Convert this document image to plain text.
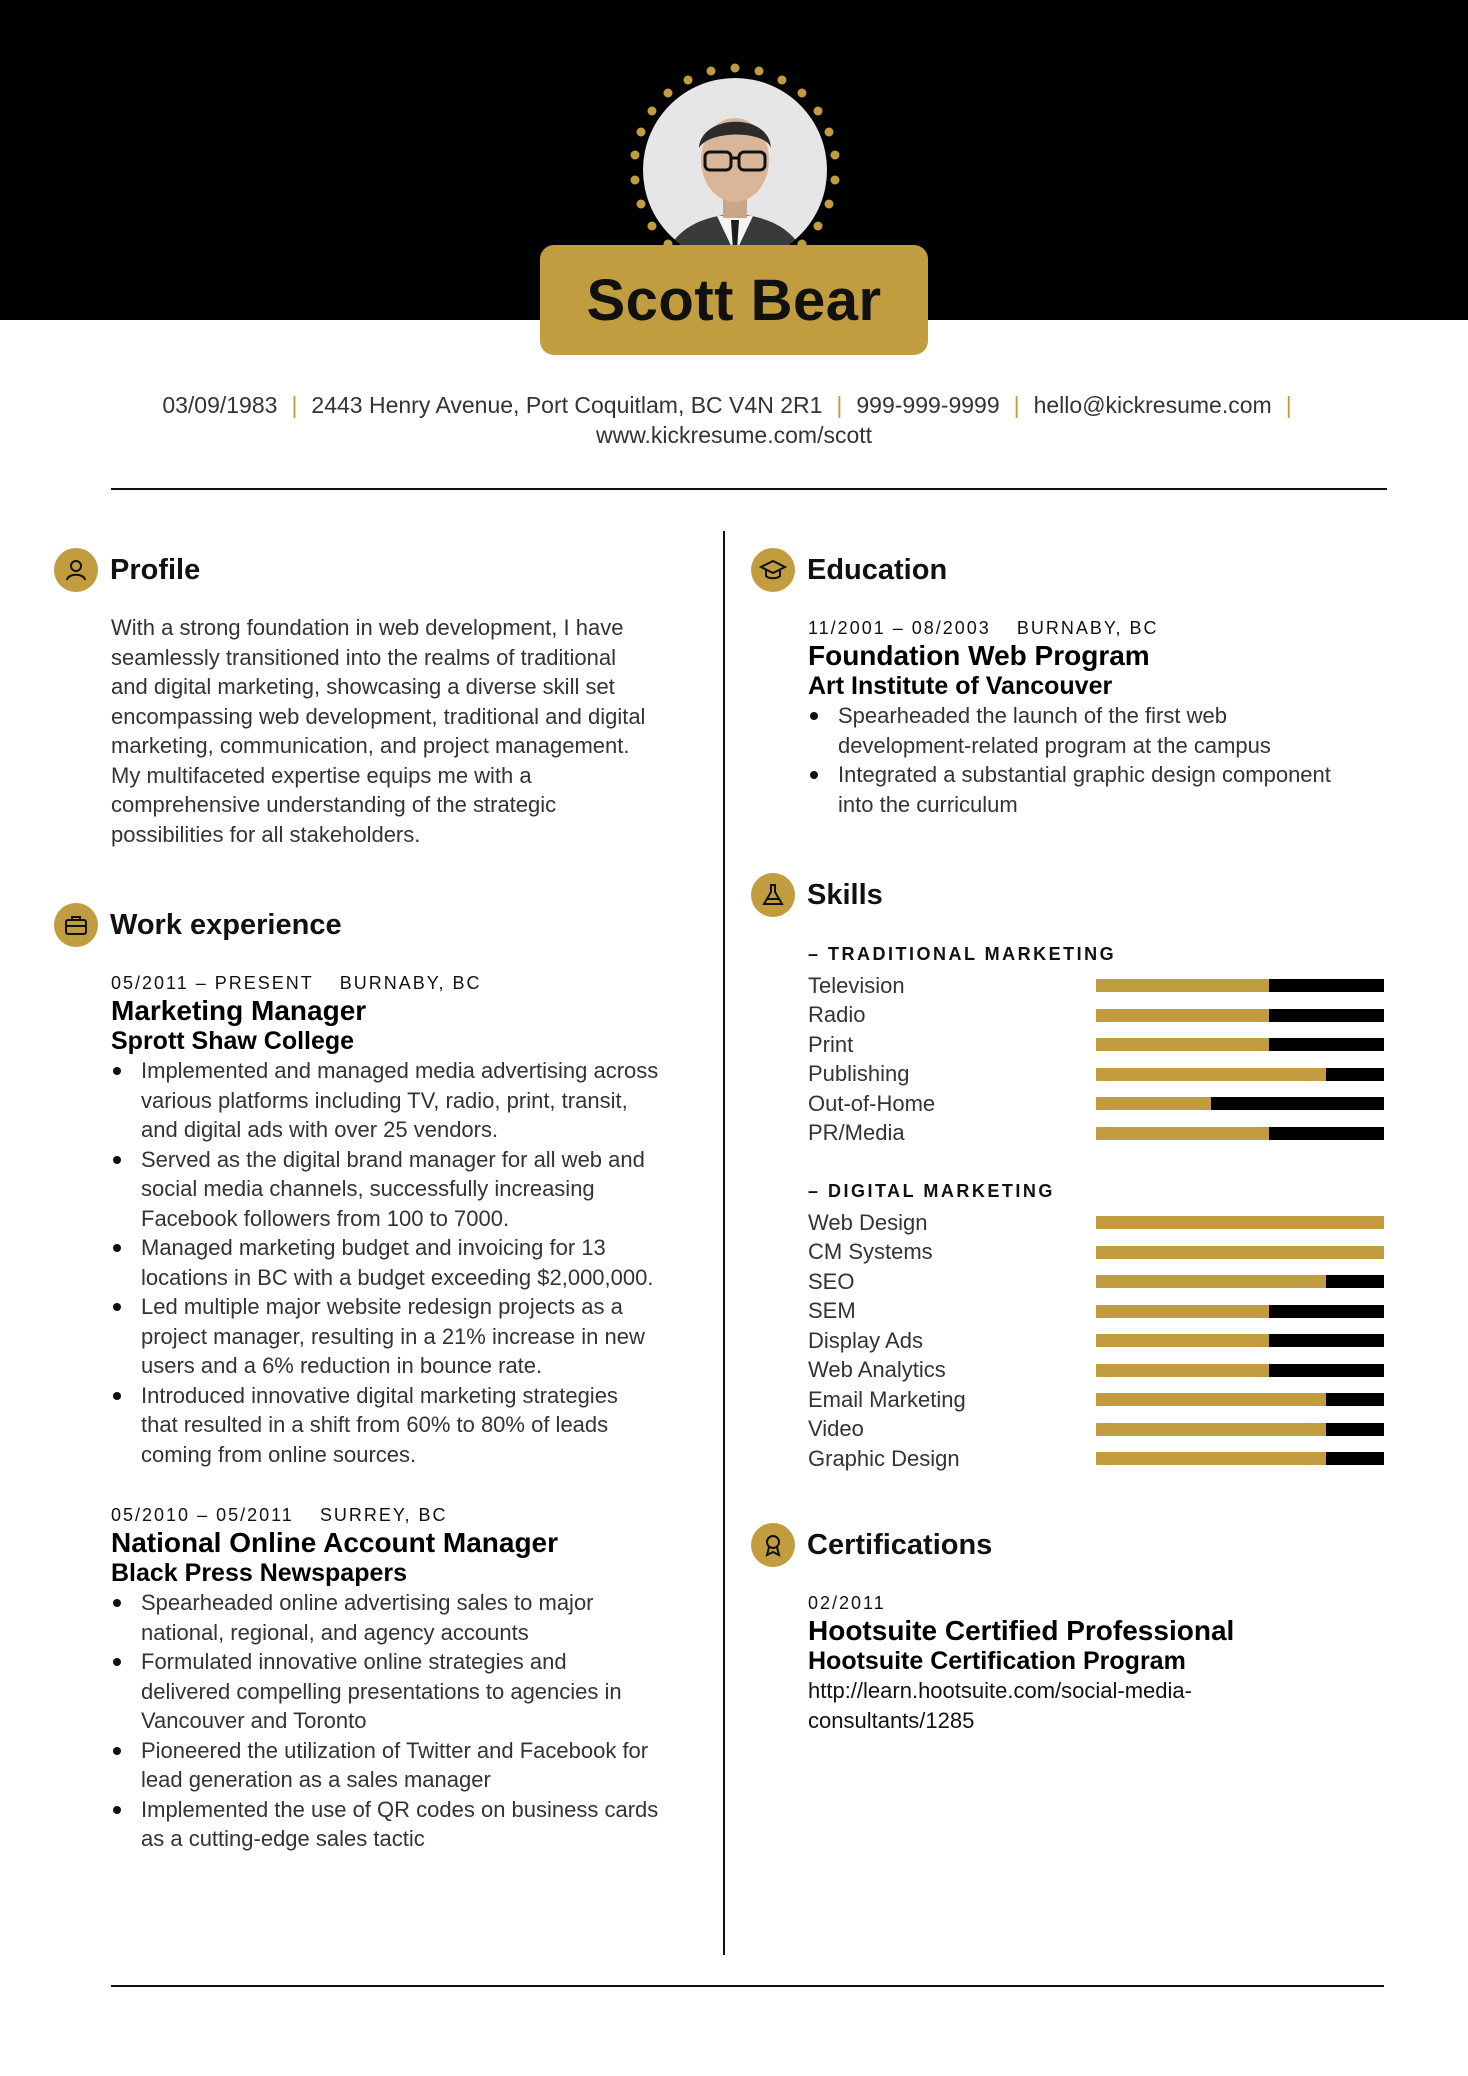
Scott Bear
03/09/1983 | 2443 Henry Avenue, Port Coquitlam, BC V4N 2R1 | 999-999-9999 | hello@kickresume.com |
www.kickresume.com/scott
Profile
With a strong foundation in web development, I have
seamlessly transitioned into the realms of traditional
and digital marketing, showcasing a diverse skill set
encompassing web development, traditional and digital
marketing, communication, and project management.
My multifaceted expertise equips me with a
comprehensive understanding of the strategic
possibilities for all stakeholders.
Work experience
05/2011 – PRESENT BURNABY, BC
Marketing Manager
Sprott Shaw College
Implemented and managed media advertising across
various platforms including TV, radio, print, transit,
and digital ads with over 25 vendors.
Served as the digital brand manager for all web and
social media channels, successfully increasing
Facebook followers from 100 to 7000.
Managed marketing budget and invoicing for 13
locations in BC with a budget exceeding $2,000,000.
Led multiple major website redesign projects as a
project manager, resulting in a 21% increase in new
users and a 6% reduction in bounce rate.
Introduced innovative digital marketing strategies
that resulted in a shift from 60% to 80% of leads
coming from online sources.
05/2010 – 05/2011 SURREY, BC
National Online Account Manager
Black Press Newspapers
Spearheaded online advertising sales to major
national, regional, and agency accounts
Formulated innovative online strategies and
delivered compelling presentations to agencies in
Vancouver and Toronto
Pioneered the utilization of Twitter and Facebook for
lead generation as a sales manager
Implemented the use of QR codes on business cards
as a cutting-edge sales tactic
Education
11/2001 – 08/2003 BURNABY, BC
Foundation Web Program
Art Institute of Vancouver
Spearheaded the launch of the first web
development-related program at the campus
Integrated a substantial graphic design component
into the curriculum
Skills
– TRADITIONAL MARKETING
Television
Radio
Print
Publishing
Out-of-Home
PR/Media
– DIGITAL MARKETING
Web Design
CM Systems
SEO
SEM
Display Ads
Web Analytics
Email Marketing
Video
Graphic Design
Certifications
02/2011
Hootsuite Certified Professional
Hootsuite Certification Program
http://learn.hootsuite.com/social-media-
consultants/1285
